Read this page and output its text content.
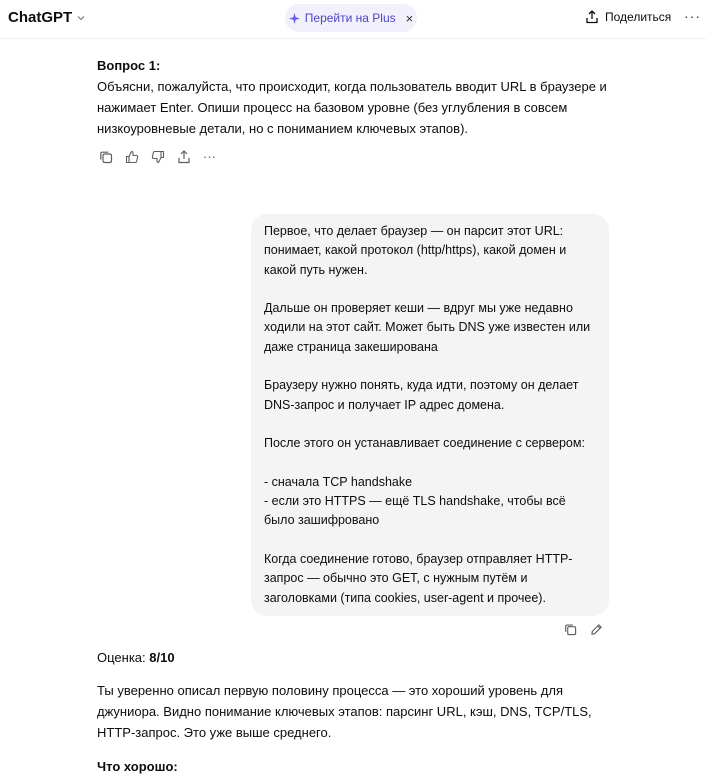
ChatGPT	Перейти на Plus ×	Поделиться ···
Вопрос 1:
Объясни, пожалуйста, что происходит, когда пользователь вводит URL в браузере и нажимает Enter. Опиши процесс на базовом уровне (без углубления в совсем низкоуровневые детали, но с пониманием ключевых этапов).
···

Первое, что делает браузер — он парсит этот URL: понимает, какой протокол (http/https), какой домен и какой путь нужен.

Дальше он проверяет кеши — вдруг мы уже недавно ходили на этот сайт. Может быть DNS уже известен или даже страница закеширована

Браузеру нужно понять, куда идти, поэтому он делает DNS-запрос и получает IP адрес домена.

После этого он устанавливает соединение с сервером:

- сначала TCP handshake

- если это HTTPS — ещё TLS handshake, чтобы всё было зашифровано

Когда соединение готово, браузер отправляет HTTP-запрос — обычно это GET, с нужным путём и заголовками (типа cookies, user-agent и прочее).

Оценка: 8/10
Ты уверенно описал первую половину процесса — это хороший уровень для джуниора. Видно понимание ключевых этапов: парсинг URL, кэш, DNS, TCP/TLS, HTTP-запрос. Это уже выше среднего.
Что хорошо:
